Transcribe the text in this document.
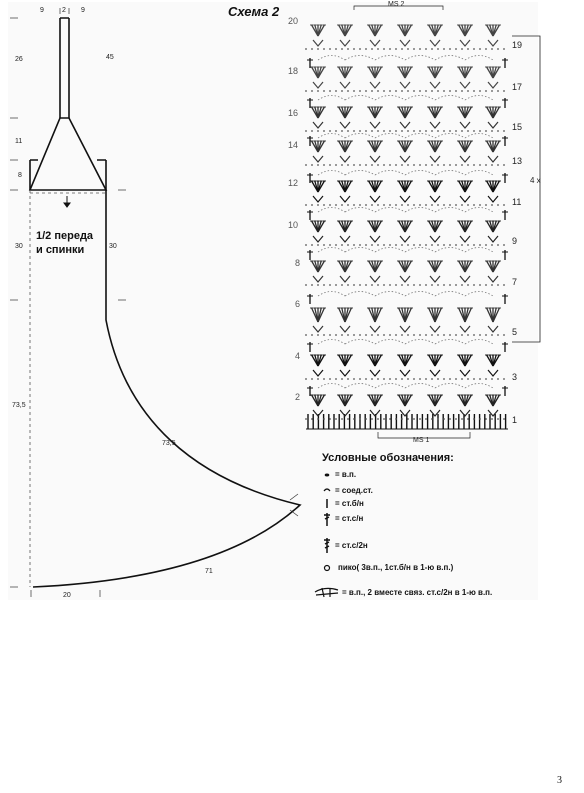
Схема 2
9	2 9
26	45
11
8
30	30
73,5
73,5
71
20
1/2 переда
и спинки
MS 2
MS 1
4 x
19
17
15
13
11
9
7
5
3
1
20
18
16
14
12
10
8
6
4
2
Условные обозначения:
= в.п.
= соед.ст.
= ст.б/н
= ст.с/н
= ст.с/2н
пико( 3в.п., 1ст.б/н в 1-ю в.п.)
= в.п., 2 вместе связ. ст.с/2н в 1-ю в.п.
3
